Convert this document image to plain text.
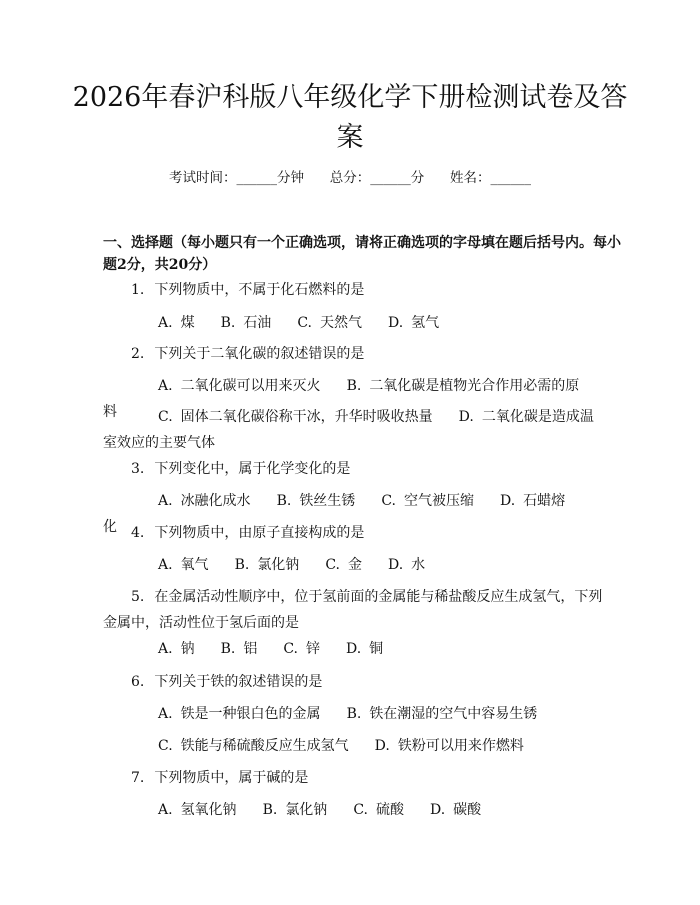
2026年春沪科版八年级化学下册检测试卷及答案
考试时间：______分钟 总分：______分 姓名：______
一、选择题（每小题只有一个正确选项，请将正确选项的字母填在题后括号内。每小题2分，共20分）
1. 下列物质中，不属于化石燃料的是
A. 煤 B. 石油 C. 天然气 D. 氢气
2. 下列关于二氧化碳的叙述错误的是
A. 二氧化碳可以用来灭火 B. 二氧化碳是植物光合作用必需的原料	C. 固体二氧化碳俗称干冰，升华时吸收热量 D. 二氧化碳是造成温室效应的主要气体
3. 下列变化中，属于化学变化的是
A. 冰融化成水 B. 铁丝生锈 C. 空气被压缩 D. 石蜡熔化	4. 下列物质中，由原子直接构成的是
A. 氧气 B. 氯化钠 C. 金 D. 水
5. 在金属活动性顺序中，位于氢前面的金属能与稀盐酸反应生成氢气，下列金属中，活动性位于氢后面的是
A. 钠 B. 铝 C. 锌 D. 铜
6. 下列关于铁的叙述错误的是
A. 铁是一种银白色的金属 B. 铁在潮湿的空气中容易生锈
C. 铁能与稀硫酸反应生成氢气 D. 铁粉可以用来作燃料
7. 下列物质中，属于碱的是
A. 氢氧化钠 B. 氯化钠 C. 硫酸 D. 碳酸
